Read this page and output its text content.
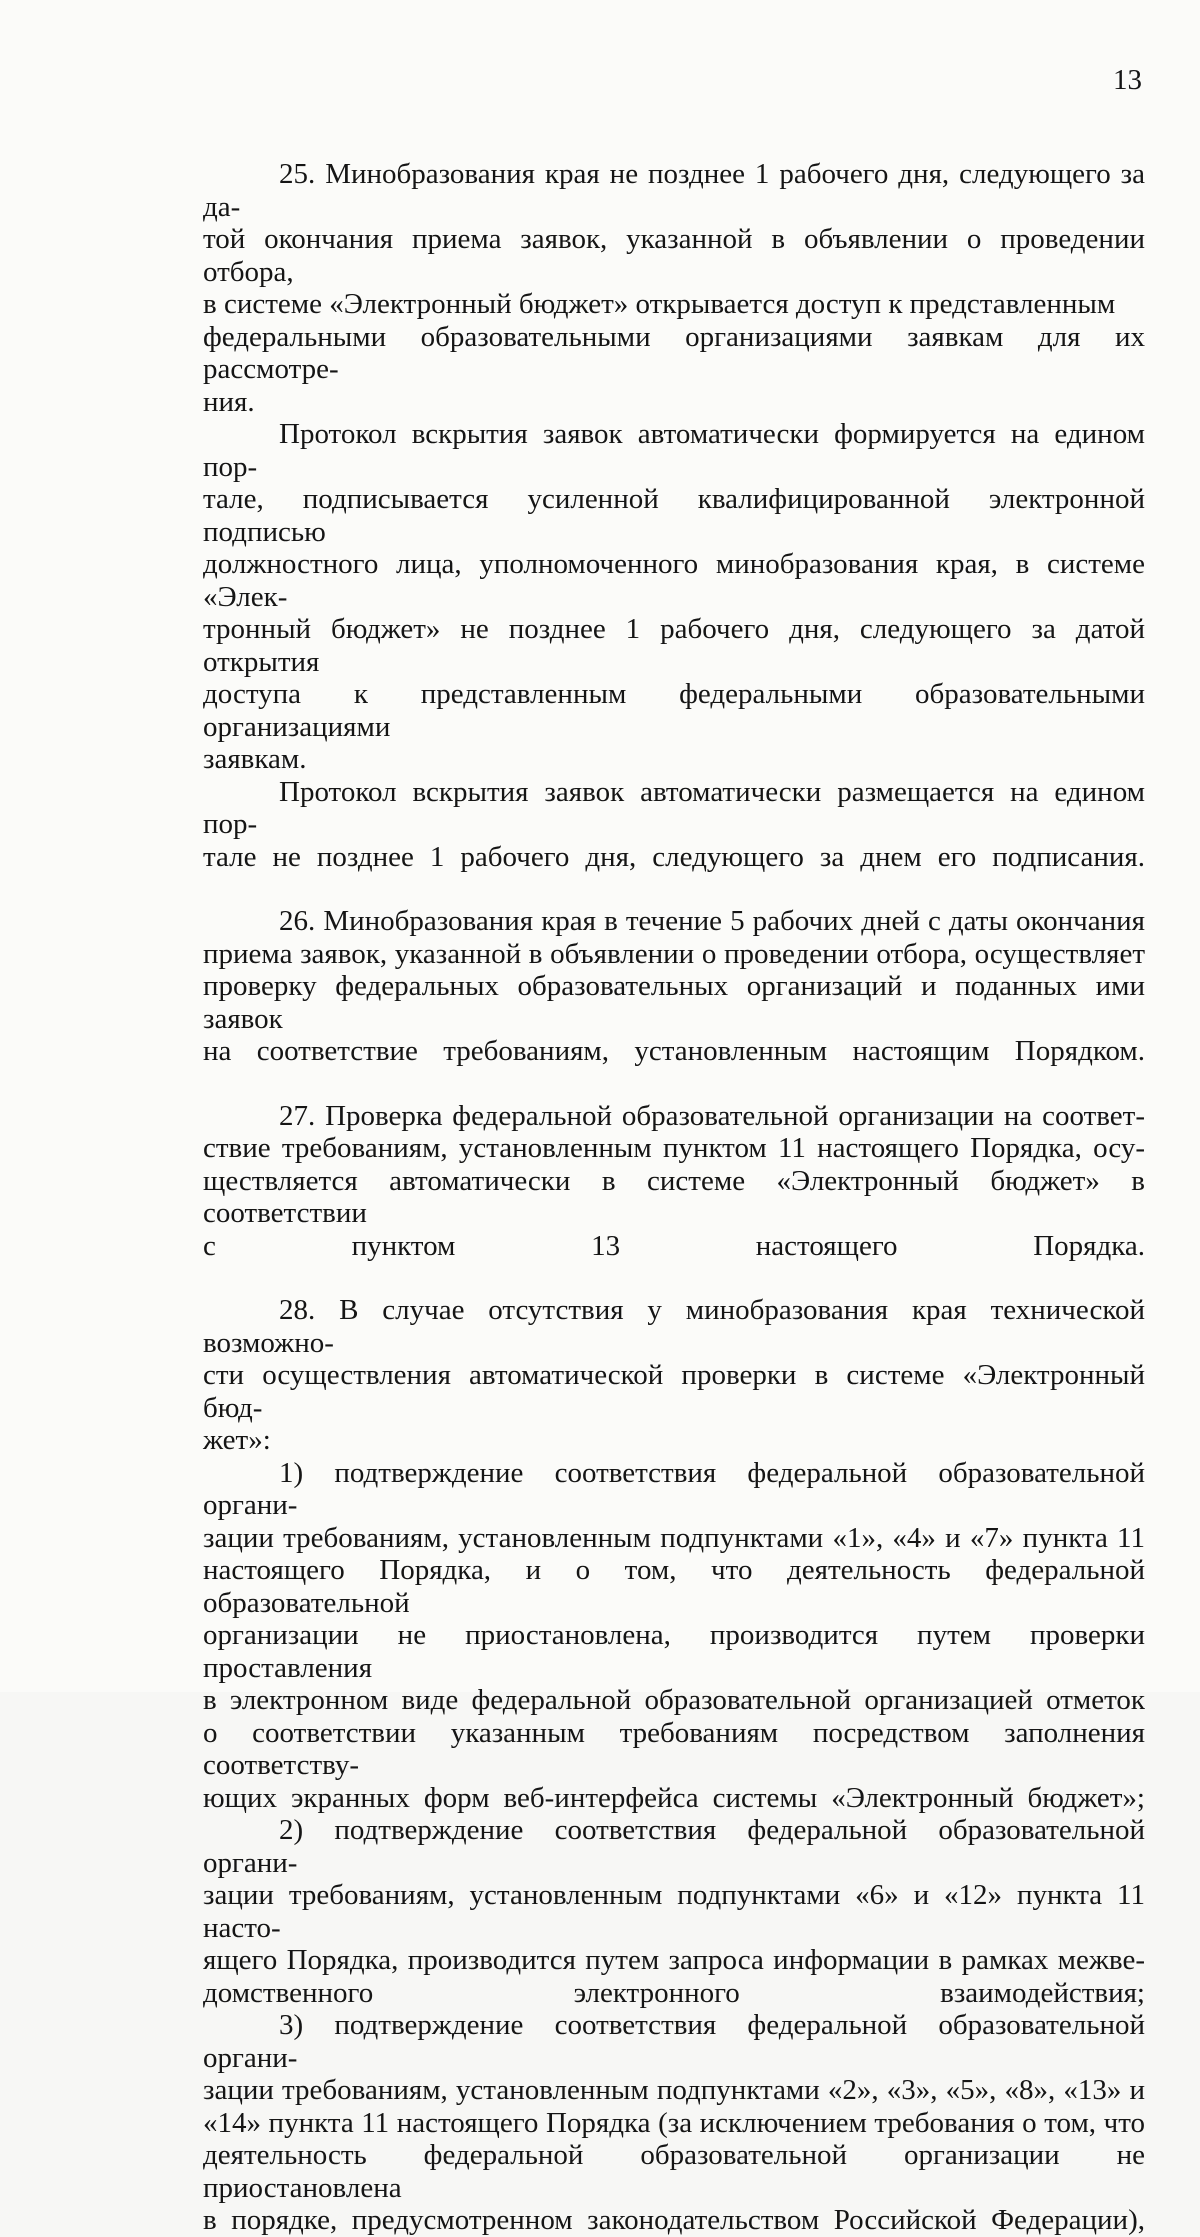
13

25. Минобразования края не позднее 1 рабочего дня, следующего за да-
той окончания приема заявок, указанной в объявлении о проведении отбора,
в системе «Электронный бюджет» открывается доступ к представленным
федеральными образовательными организациями заявкам для их рассмотре-
ния.

Протокол вскрытия заявок автоматически формируется на едином пор-
тале, подписывается усиленной квалифицированной электронной подписью
должностного лица, уполномоченного минобразования края, в системе «Элек-
тронный бюджет» не позднее 1 рабочего дня, следующего за датой открытия
доступа к представленным федеральными образовательными организациями
заявкам.

Протокол вскрытия заявок автоматически размещается на едином пор-
тале не позднее 1 рабочего дня, следующего за днем его подписания.

26. Минобразования края в течение 5 рабочих дней с даты окончания
приема заявок, указанной в объявлении о проведении отбора, осуществляет
проверку федеральных образовательных организаций и поданных ими заявок
на соответствие требованиям, установленным настоящим Порядком.

27. Проверка федеральной образовательной организации на соответ-
ствие требованиям, установленным пунктом 11 настоящего Порядка, осу-
ществляется автоматически в системе «Электронный бюджет» в соответствии
с пунктом 13 настоящего Порядка.

28. В случае отсутствия у минобразования края технической возможно-
сти осуществления автоматической проверки в системе «Электронный бюд-
жет»:

1) подтверждение соответствия федеральной образовательной органи-
зации требованиям, установленным подпунктами «1», «4» и «7» пункта 11
настоящего Порядка, и о том, что деятельность федеральной образовательной
организации не приостановлена, производится путем проверки проставления
в электронном виде федеральной образовательной организацией отметок
о соответствии указанным требованиям посредством заполнения соответству-
ющих экранных форм веб-интерфейса системы «Электронный бюджет»;

2) подтверждение соответствия федеральной образовательной органи-
зации требованиям, установленным подпунктами «6» и «12» пункта 11 насто-
ящего Порядка, производится путем запроса информации в рамках межве-
домственного электронного взаимодействия;

3) подтверждение соответствия федеральной образовательной органи-
зации требованиям, установленным подпунктами «2», «3», «5», «8», «13» и
«14» пункта 11 настоящего Порядка (за исключением требования о том, что
деятельность федеральной образовательной организации не приостановлена
в порядке, предусмотренном законодательством Российской Федерации),
